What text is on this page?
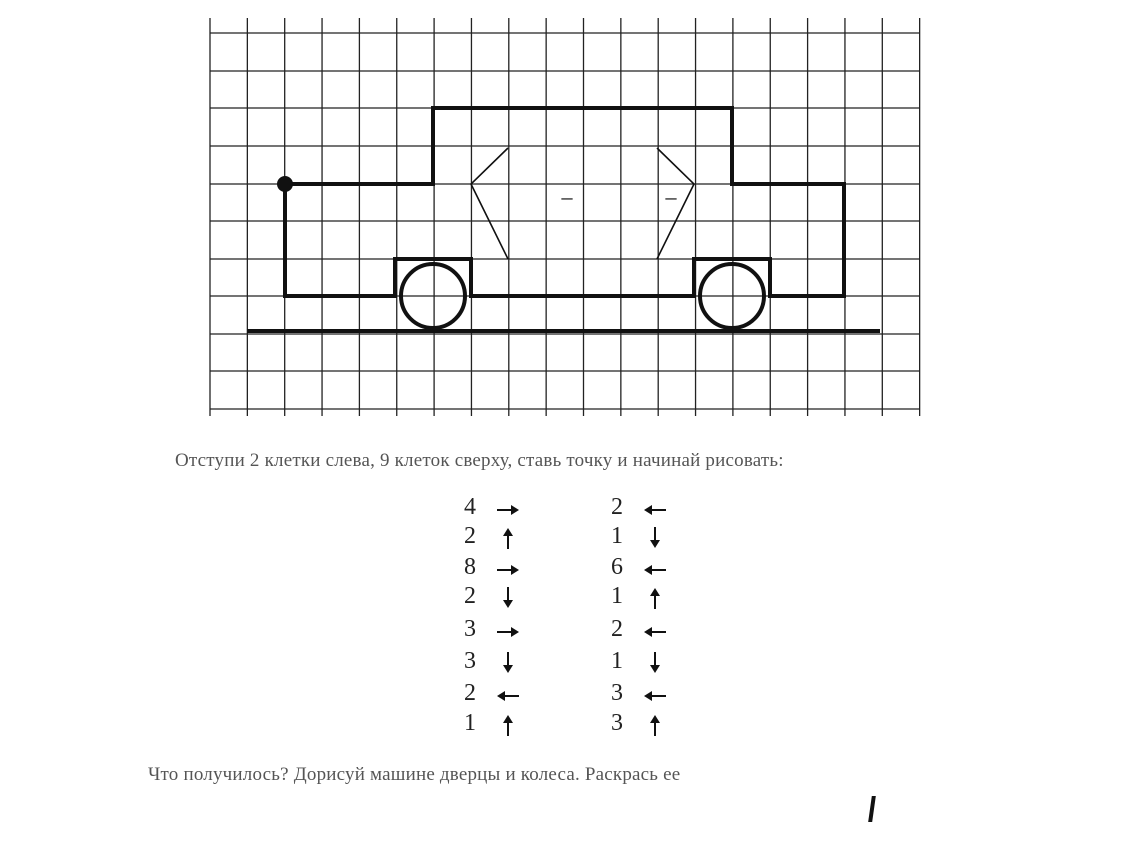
–	–
Отступи 2 клетки слева, 9 клеток сверху, ставь точку и начинай рисовать:
4
2
8
2
3
3
2
1
2
1
6
1
2
1
3
3
Что получилось? Дорисуй машине дверцы и колеса. Раскрась ее
